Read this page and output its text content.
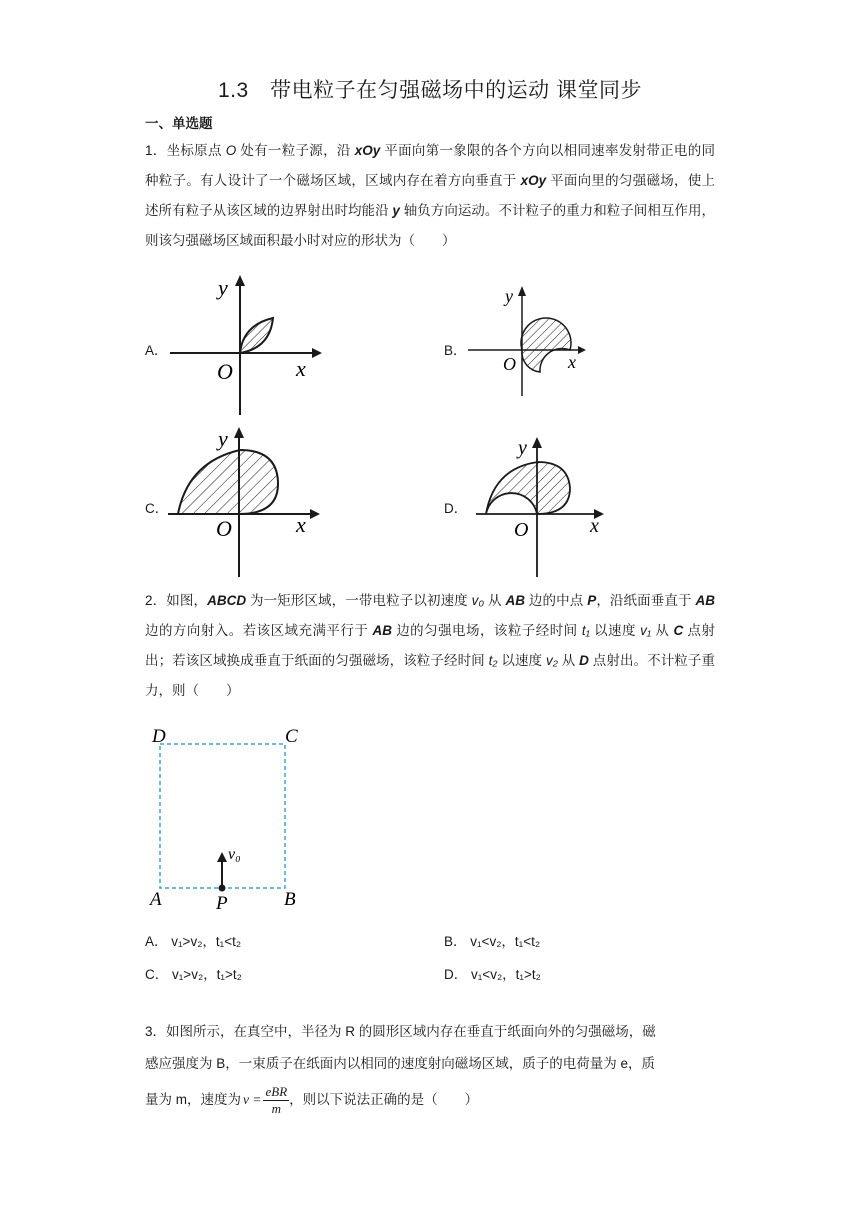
1.3　带电粒子在匀强磁场中的运动 课堂同步
一、单选题
1．坐标原点 O 处有一粒子源，沿 xOy 平面向第一象限的各个方向以相同速率发射带正电的同种粒子。有人设计了一个磁场区域，区域内存在着方向垂直于 xOy 平面向里的匀强磁场，使上述所有粒子从该区域的边界射出时均能沿 y 轴负方向运动。不计粒子的重力和粒子间相互作用，则该匀强磁场区域面积最小时对应的形状为（　　）
A．
y
x
O
B．
y
x
O
C．
y
x
O
D．
y
x
O
2．如图，ABCD 为一矩形区域，一带电粒子以初速度 v₀ 从 AB 边的中点 P，沿纸面垂直于 AB 边的方向射入。若该区域充满平行于 AB 边的匀强电场，该粒子经时间 t₁ 以速度 v₁ 从 C 点射出；若该区域换成垂直于纸面的匀强磁场，该粒子经时间 t₂ 以速度 v₂ 从 D 点射出。不计粒子重力，则（　　）
D	C
A	B
P
v₀
A． v₁>v₂，t₁<t₂	B． v₁<v₂，t₁<t₂
C． v₁>v₂，t₁>t₂	D． v₁<v₂，t₁>t₂
3．如图所示，在真空中，半径为 R 的圆形区域内存在垂直于纸面向外的匀强磁场，磁
感应强度为 B，一束质子在纸面内以相同的速度射向磁场区域，质子的电荷量为 e，质
量为 m，速度为 $v = \frac{\text{eBR}}{m}$ ，则以下说法正确的是（　　）
